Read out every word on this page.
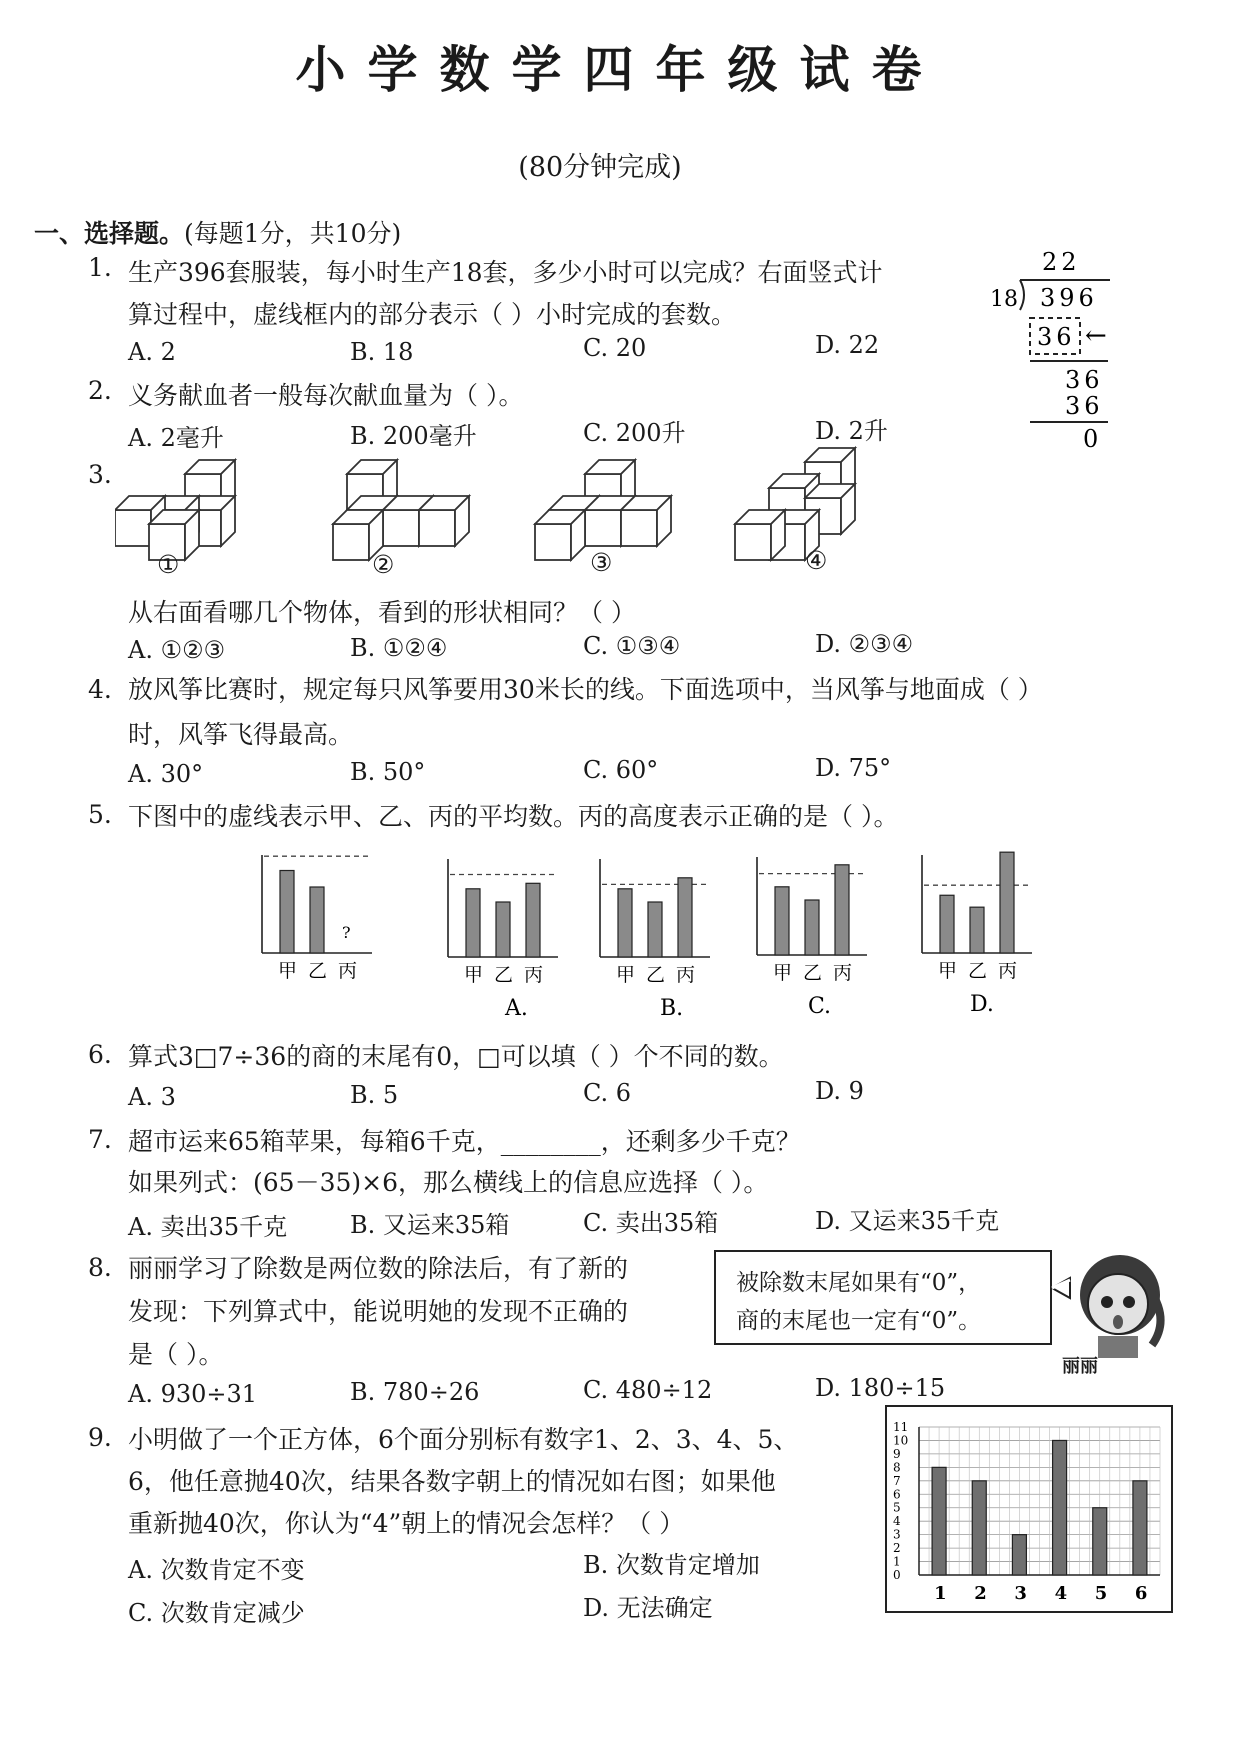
小学数学四年级试卷
(80分钟完成)
一、选择题。(每题1分，共10分)
1. 生产396套服装，每小时生产18套，多少小时可以完成？右面竖式计
算过程中，虚线框内的部分表示（ ）小时完成的套数。
A. 2	B. 18	C. 20	D. 22
22
18 396
36 ←
36
36
0
2. 义务献血者一般每次献血量为（ ）。
A. 2毫升	B. 200毫升	C. 200升	D. 2升
3.
①	②	③	④
从右面看哪几个物体，看到的形状相同？（ ）
A. ①②③	B. ①②④	C. ①③④	D. ②③④
4. 放风筝比赛时，规定每只风筝要用30米长的线。下面选项中，当风筝与地面成（ ）
时，风筝飞得最高。
A. 30°	B. 50°	C. 60°	D. 75°
5. 下图中的虚线表示甲、乙、丙的平均数。丙的高度表示正确的是（ ）。
甲 乙
?
丙	甲 乙 丙
A.
甲 乙 丙
B.
甲 乙 丙
C.
甲 乙 丙
D.
6. 算式3□7÷36的商的末尾有0，□可以填（ ）个不同的数。
A. 3	B. 5	C. 6	D. 9
7. 超市运来65箱苹果，每箱6千克，________，还剩多少千克？
如果列式：(65－35)×6，那么横线上的信息应选择（ ）。
A. 卖出35千克	B. 又运来35箱	C. 卖出35箱	D. 又运来35千克
8. 丽丽学习了除数是两位数的除法后，有了新的
发现：下列算式中，能说明她的发现不正确的
是（ ）。
被除数末尾如果有“0”，
商的末尾也一定有“0”。
丽丽
A. 930÷31	B. 780÷26	C. 480÷12	D. 180÷15
9. 小明做了一个正方体，6个面分别标有数字1、2、3、4、5、
6，他任意抛40次，结果各数字朝上的情况如右图；如果他
重新抛40次，你认为“4”朝上的情况会怎样？（ ）
A. 次数肯定不变	B. 次数肯定增加
C. 次数肯定减少	D. 无法确定
0
1
2
3
4
5
6
7
8
9
10
11
1 2 3 4 5 6
